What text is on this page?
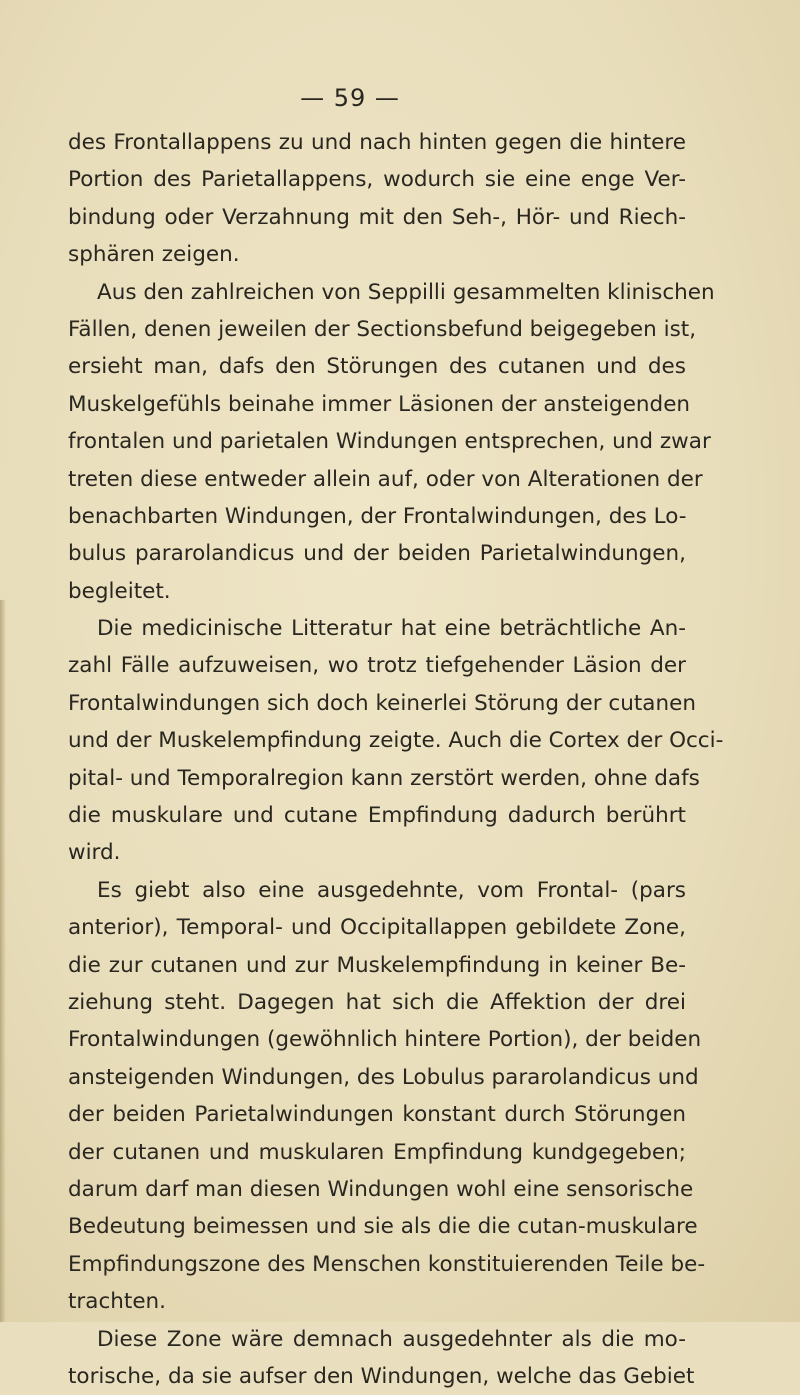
— 59 —
des Frontallappens zu und nach hinten gegen die hintere
Portion des Parietallappens, wodurch sie eine enge Ver-
bindung oder Verzahnung mit den Seh-, Hör- und Riech-
sphären zeigen.
Aus den zahlreichen von Seppilli gesammelten klinischen
Fällen, denen jeweilen der Sectionsbefund beigegeben ist,
ersieht man, dafs den Störungen des cutanen und des
Muskelgefühls beinahe immer Läsionen der ansteigenden
frontalen und parietalen Windungen entsprechen, und zwar
treten diese entweder allein auf, oder von Alterationen der
benachbarten Windungen, der Frontalwindungen, des Lo-
bulus pararolandicus und der beiden Parietalwindungen,
begleitet.
Die medicinische Litteratur hat eine beträchtliche An-
zahl Fälle aufzuweisen, wo trotz tiefgehender Läsion der
Frontalwindungen sich doch keinerlei Störung der cutanen
und der Muskelempfindung zeigte. Auch die Cortex der Occi-
pital- und Temporalregion kann zerstört werden, ohne dafs
die muskulare und cutane Empfindung dadurch berührt
wird.
Es giebt also eine ausgedehnte, vom Frontal- (pars
anterior), Temporal- und Occipitallappen gebildete Zone,
die zur cutanen und zur Muskelempfindung in keiner Be-
ziehung steht. Dagegen hat sich die Affektion der drei
Frontalwindungen (gewöhnlich hintere Portion), der beiden
ansteigenden Windungen, des Lobulus pararolandicus und
der beiden Parietalwindungen konstant durch Störungen
der cutanen und muskularen Empfindung kundgegeben;
darum darf man diesen Windungen wohl eine sensorische
Bedeutung beimessen und sie als die die cutan-muskulare
Empfindungszone des Menschen konstituierenden Teile be-
trachten.
Diese Zone wäre demnach ausgedehnter als die mo-
torische, da sie aufser den Windungen, welche das Gebiet
